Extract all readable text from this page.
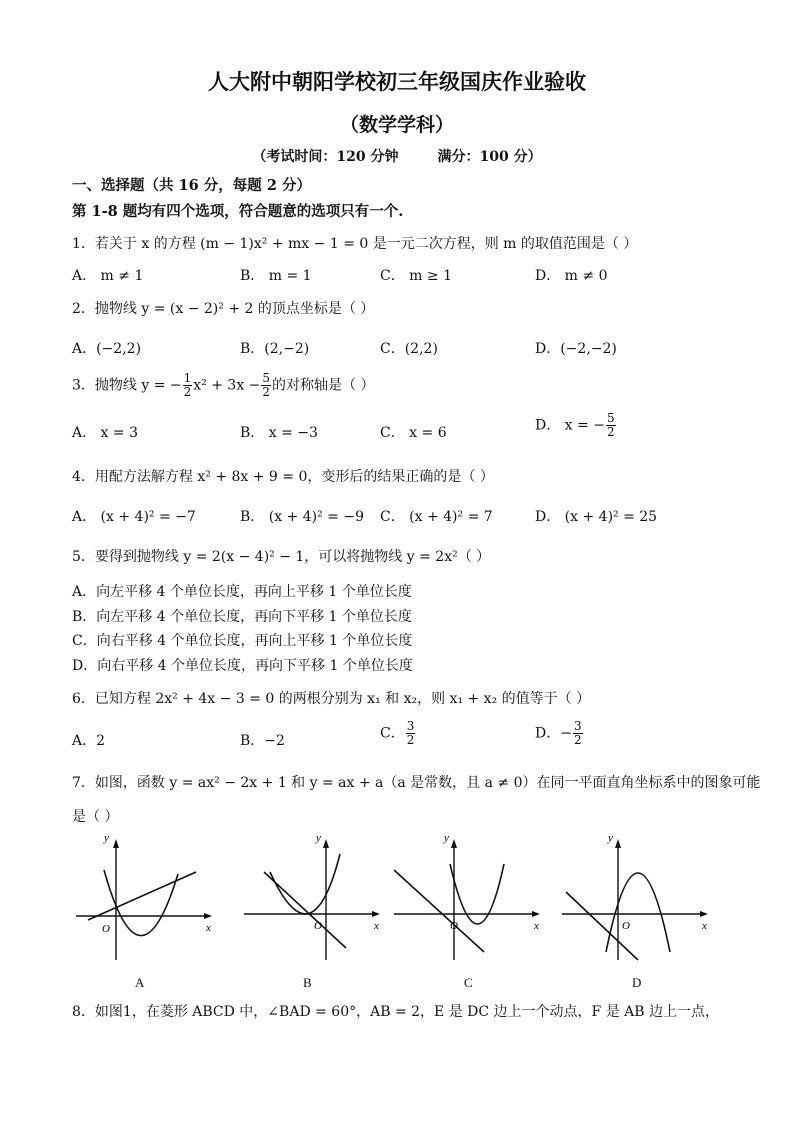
人大附中朝阳学校初三年级国庆作业验收
（数学学科）
（考试时间：120 分钟        满分：100 分）
一、选择题（共 16 分，每题 2 分）
第 1-8 题均有四个选项，符合题意的选项只有一个.
1．若关于 x 的方程 (m − 1)x² + mx − 1 = 0 是一元二次方程，则 m 的取值范围是（ ）
A． m ≠ 1	B． m = 1	C． m ≥ 1	D． m ≠ 0
2．抛物线 y = (x − 2)² + 2 的顶点坐标是（ ）
A．(−2,2)	B．(2,−2)	C．(2,2)	D．(−2,−2)
3．抛物线 y = − $\frac{1}{2} x^2 + 3x - \frac{5}{2}$ 的对称轴是（ ）
A． x = 3	B． x = −3	C． x = 6	D． x = − $\frac{5}{2}$
4．用配方法解方程 x² + 8x + 9 = 0，变形后的结果正确的是（ ）
A． (x + 4)² = −7	B． (x + 4)² = −9 C． (x + 4)² = 7	D． (x + 4)² = 25
5．要得到抛物线 y = 2(x − 4)² − 1，可以将抛物线 y = 2x²（ ）
A．向左平移 4 个单位长度，再向上平移 1 个单位长度
B．向左平移 4 个单位长度，再向下平移 1 个单位长度
C．向右平移 4 个单位长度，再向上平移 1 个单位长度
D．向右平移 4 个单位长度，再向下平移 1 个单位长度
6．已知方程 2x² + 4x − 3 = 0 的两根分别为 x₁ 和 x₂，则 x₁ + x₂ 的值等于（ ）
A．2	B．−2	C． $\frac{3}{2}$	D．− $\frac{3}{2}$
7．如图，函数 y = ax² − 2x + 1 和 y = ax + a（a 是常数，且 a ≠ 0）在同一平面直角坐标系中的图象可能
是（ ）
y
x
O
A
y
x
O
B
y
x
O
C
y
x
O
D
8．如图1，在菱形 ABCD 中，∠BAD = 60°，AB = 2，E 是 DC 边上一个动点，F 是 AB 边上一点，
